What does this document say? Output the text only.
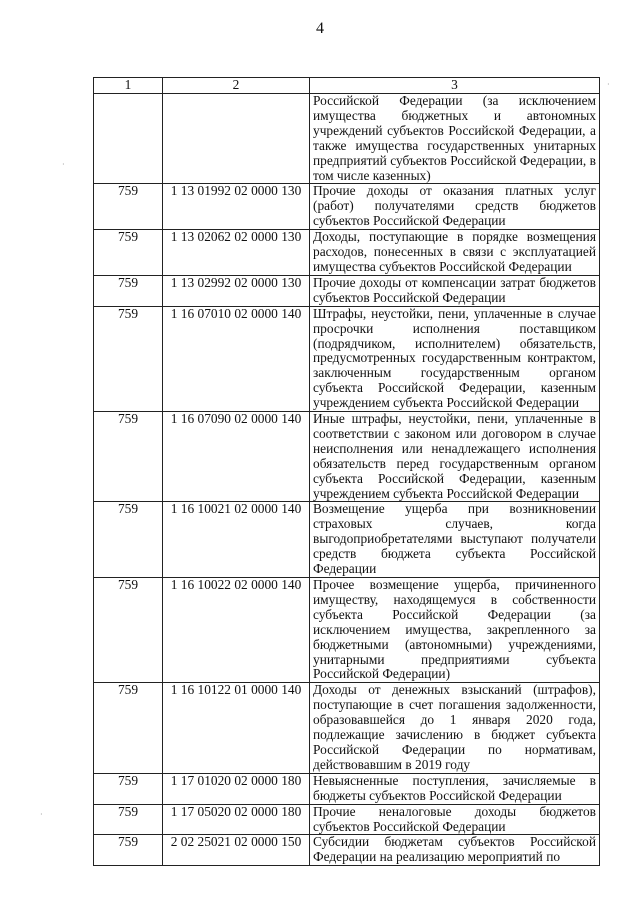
4
·
·
·
1	2	3

		Российской Федерации (за исключением имущества бюджетных и автономных учреждений субъектов Российской Федерации, а также имущества государственных унитарных предприятий субъектов Российской Федерации, в том числе казенных)

759	1 13 01992 02 0000 130	Прочие доходы от оказания платных услуг (работ) получателями средств бюджетов субъектов Российской Федерации

759	1 13 02062 02 0000 130	Доходы, поступающие в порядке возмещения расходов, понесенных в связи с эксплуатацией имущества субъектов Российской Федерации

759	1 13 02992 02 0000 130	Прочие доходы от компенсации затрат бюджетов субъектов Российской Федерации

759	1 16 07010 02 0000 140	Штрафы, неустойки, пени, уплаченные в случае просрочки исполнения поставщиком (подрядчиком, исполнителем) обязательств, предусмотренных государственным контрактом, заключенным государственным органом субъекта Российской Федерации, казенным учреждением субъекта Российской Федерации

759	1 16 07090 02 0000 140	Иные штрафы, неустойки, пени, уплаченные в соответствии с законом или договором в случае неисполнения или ненадлежащего исполнения обязательств перед государственным органом субъекта Российской Федерации, казенным учреждением субъекта Российской Федерации

759	1 16 10021 02 0000 140	Возмещение ущерба при возникновении страховых случаев, когда выгодоприобретателями выступают получатели средств бюджета субъекта Российской Федерации

759	1 16 10022 02 0000 140	Прочее возмещение ущерба, причиненного имуществу, находящемуся в собственности субъекта Российской Федерации (за исключением имущества, закрепленного за бюджетными (автономными) учреждениями, унитарными предприятиями субъекта Российской Федерации)

759	1 16 10122 01 0000 140	Доходы от денежных взысканий (штрафов), поступающие в счет погашения задолженности, образовавшейся до 1 января 2020 года, подлежащие зачислению в бюджет субъекта Российской Федерации по нормативам, действовавшим в 2019 году

759	1 17 01020 02 0000 180	Невыясненные поступления, зачисляемые в бюджеты субъектов Российской Федерации

759	1 17 05020 02 0000 180	Прочие неналоговые доходы бюджетов субъектов Российской Федерации

759	2 02 25021 02 0000 150	Субсидии бюджетам субъектов Российской Федерации на реализацию мероприятий по
